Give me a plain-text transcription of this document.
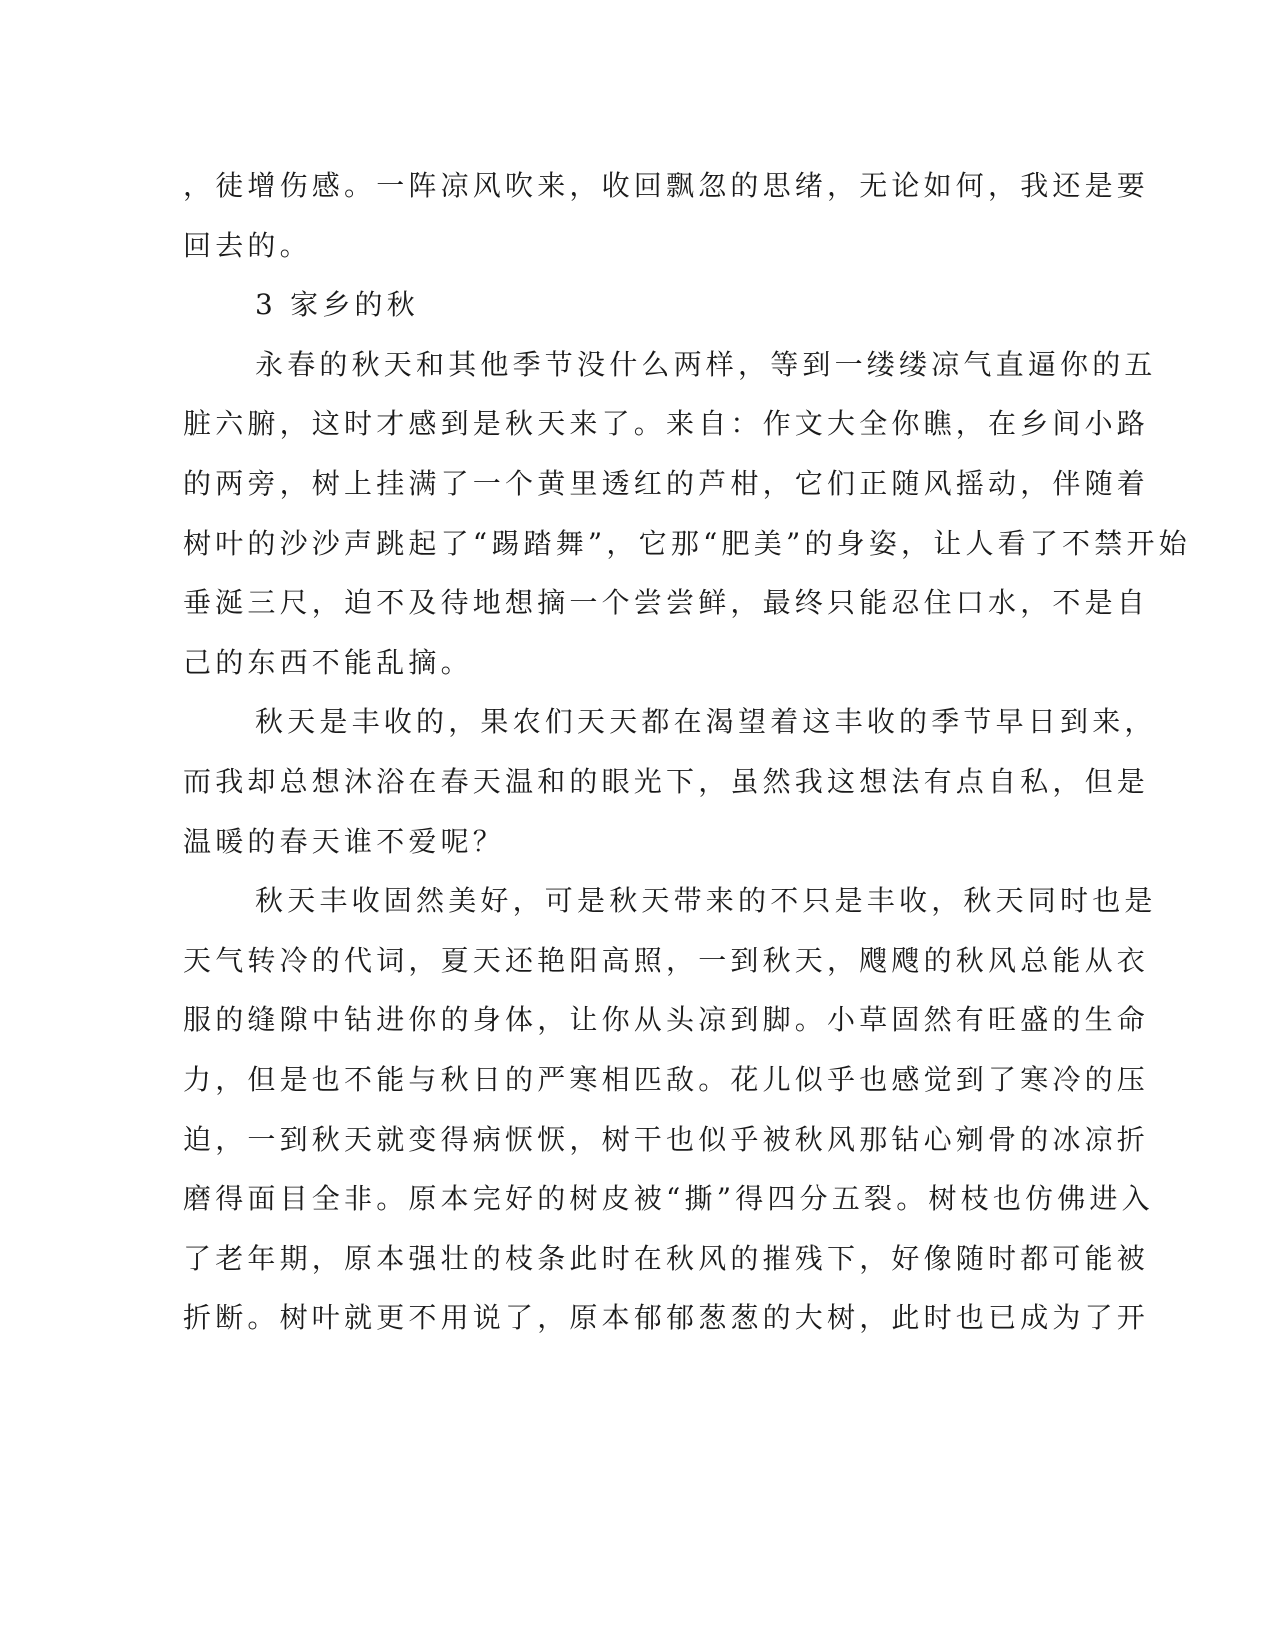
，徒增伤感。一阵凉风吹来，收回飘忽的思绪，无论如何，我还是要
回去的。
3 家乡的秋
永春的秋天和其他季节没什么两样，等到一缕缕凉气直逼你的五
脏六腑，这时才感到是秋天来了。来自：作文大全你瞧，在乡间小路
的两旁，树上挂满了一个黄里透红的芦柑，它们正随风摇动，伴随着
树叶的沙沙声跳起了“踢踏舞”，它那“肥美”的身姿，让人看了不禁开始
垂涎三尺，迫不及待地想摘一个尝尝鲜，最终只能忍住口水，不是自
己的东西不能乱摘。
秋天是丰收的，果农们天天都在渴望着这丰收的季节早日到来，
而我却总想沐浴在春天温和的眼光下，虽然我这想法有点自私，但是
温暖的春天谁不爱呢？
秋天丰收固然美好，可是秋天带来的不只是丰收，秋天同时也是
天气转冷的代词，夏天还艳阳高照，一到秋天，飕飕的秋风总能从衣
服的缝隙中钻进你的身体，让你从头凉到脚。小草固然有旺盛的生命
力，但是也不能与秋日的严寒相匹敌。花儿似乎也感觉到了寒冷的压
迫，一到秋天就变得病恹恹，树干也似乎被秋风那钻心剜骨的冰凉折
磨得面目全非。原本完好的树皮被“撕”得四分五裂。树枝也仿佛进入
了老年期，原本强壮的枝条此时在秋风的摧残下，好像随时都可能被
折断。树叶就更不用说了，原本郁郁葱葱的大树，此时也已成为了开
